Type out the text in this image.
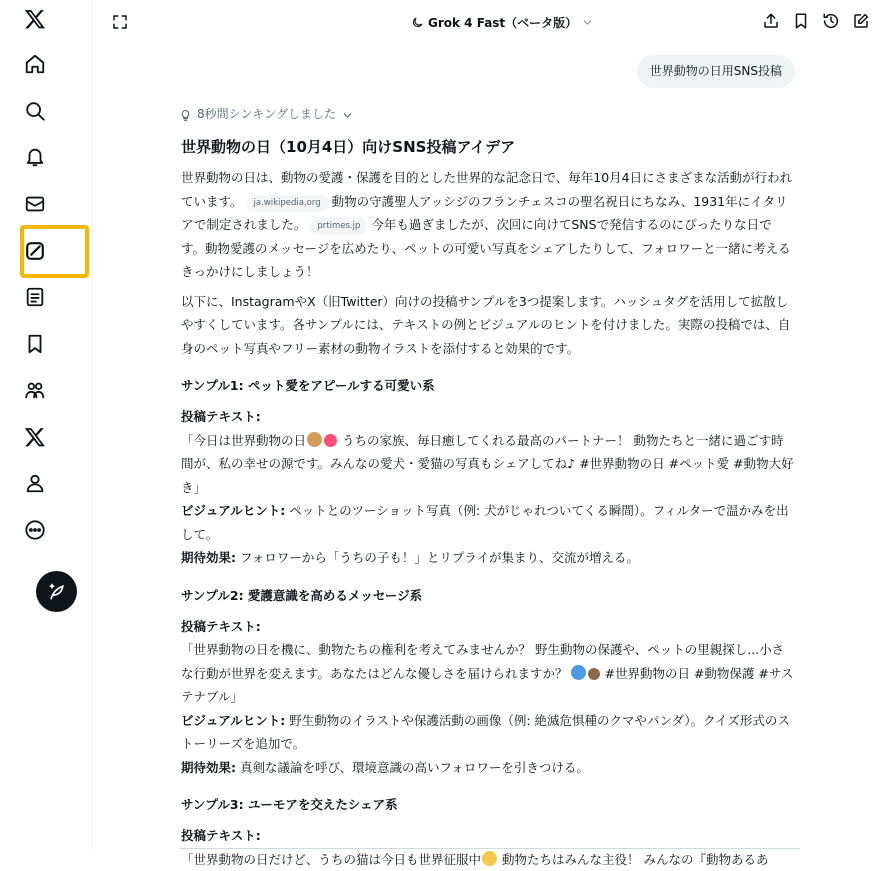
Grok 4 Fast（ベータ版）
世界動物の日用SNS投稿
8秒間シンキングしました
世界動物の日（10月4日）向けSNS投稿アイデア

世界動物の日は、動物の愛護・保護を目的とした世界的な記念日で、毎年10月4日にさまざまな活動が行われています。 ja.wikipedia.org 動物の守護聖人アッシジのフランチェスコの聖名祝日にちなみ、1931年にイタリアで制定されました。 prtimes.jp 今年も過ぎましたが、次回に向けてSNSで発信するのにぴったりな日です。動物愛護のメッセージを広めたり、ペットの可愛い写真をシェアしたりして、フォロワーと一緒に考えるきっかけにしましょう！

以下に、InstagramやX（旧Twitter）向けの投稿サンプルを3つ提案します。ハッシュタグを活用して拡散しやすくしています。各サンプルには、テキストの例とビジュアルのヒントを付けました。実際の投稿では、自身のペット写真やフリー素材の動物イラストを添付すると効果的です。

サンプル1: ペット愛をアピールする可愛い系
投稿テキスト:
「今日は世界動物の日	うちの家族、毎日癒してくれる最高のパートナー！ 動物たちと一緒に過ごす時間が、私の幸せの源です。みんなの愛犬・愛猫の写真もシェアしてね♪ #世界動物の日 #ペット愛 #動物大好き」
ビジュアルヒント: ペットとのツーショット写真（例: 犬がじゃれついてくる瞬間）。フィルターで温かみを出して。
期待効果: フォロワーから「うちの子も！」とリプライが集まり、交流が増える。
サンプル2: 愛護意識を高めるメッセージ系
投稿テキスト:
「世界動物の日を機に、動物たちの権利を考えてみませんか？ 野生動物の保護や、ペットの里親探し...小さな行動が世界を変えます。あなたはどんな優しさを届けられますか？	#世界動物の日 #動物保護 #サステナブル」
ビジュアルヒント: 野生動物のイラストや保護活動の画像（例: 絶滅危惧種のクマやパンダ）。クイズ形式のストーリーズを追加で。
期待効果: 真剣な議論を呼び、環境意識の高いフォロワーを引きつける。
サンプル3: ユーモアを交えたシェア系
投稿テキスト:
「世界動物の日だけど、うちの猫は今日も世界征服中 動物たちはみんな主役！ みんなの『動物あるあ
